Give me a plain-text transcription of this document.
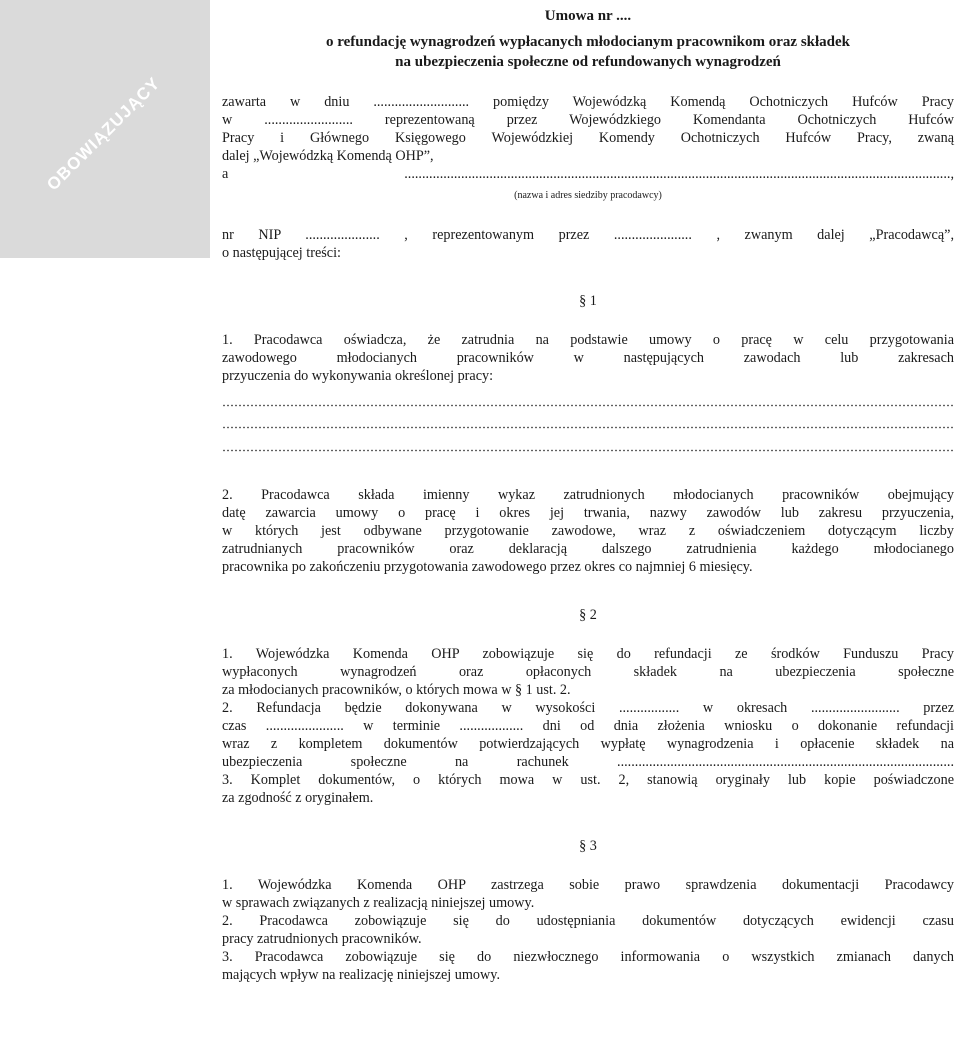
OBOWIĄZUJĄCY
Umowa nr ....
o refundację wynagrodzeń wypłacanych młodocianym pracownikom oraz składek
na ubezpieczenia społeczne od refundowanych wynagrodzeń
zawarta w dniu ........................... pomiędzy Wojewódzką Komendą Ochotniczych Hufców Pracy
w ......................... reprezentowaną przez Wojewódzkiego Komendanta Ochotniczych Hufców
Pracy i Głównego Księgowego Wojewódzkiej Komendy Ochotniczych Hufców Pracy, zwaną
dalej „Wojewódzką Komendą OHP”,
a ..........................................................................................................................................................,
(nazwa i adres siedziby pracodawcy)
nr NIP ..................... , reprezentowanym przez ...................... , zwanym dalej „Pracodawcą”,
o następującej treści:
§ 1
1. Pracodawca oświadcza, że zatrudnia na podstawie umowy o pracę w celu przygotowania
zawodowego młodocianych pracowników w następujących zawodach lub zakresach
przyuczenia do wykonywania określonej pracy:
2. Pracodawca składa imienny wykaz zatrudnionych młodocianych pracowników obejmujący
datę zawarcia umowy o pracę i okres jej trwania, nazwy zawodów lub zakresu przyuczenia,
w których jest odbywane przygotowanie zawodowe, wraz z oświadczeniem dotyczącym liczby
zatrudnianych pracowników oraz deklaracją dalszego zatrudnienia każdego młodocianego
pracownika po zakończeniu przygotowania zawodowego przez okres co najmniej 6 miesięcy.
§ 2
1. Wojewódzka Komenda OHP zobowiązuje się do refundacji ze środków Funduszu Pracy
wypłaconych wynagrodzeń oraz opłaconych składek na ubezpieczenia społeczne
za młodocianych pracowników, o których mowa w § 1 ust. 2.
2. Refundacja będzie dokonywana w wysokości ................. w okresach ......................... przez
czas ...................... w terminie .................. dni od dnia złożenia wniosku o dokonanie refundacji
wraz z kompletem dokumentów potwierdzających wypłatę wynagrodzenia i opłacenie składek na
ubezpieczenia społeczne na rachunek ...............................................................................................
3. Komplet dokumentów, o których mowa w ust. 2, stanowią oryginały lub kopie poświadczone
za zgodność z oryginałem.
§ 3
1. Wojewódzka Komenda OHP zastrzega sobie prawo sprawdzenia dokumentacji Pracodawcy
w sprawach związanych z realizacją niniejszej umowy.
2. Pracodawca zobowiązuje się do udostępniania dokumentów dotyczących ewidencji czasu
pracy zatrudnionych pracowników.
3. Pracodawca zobowiązuje się do niezwłocznego informowania o wszystkich zmianach danych
mających wpływ na realizację niniejszej umowy.
